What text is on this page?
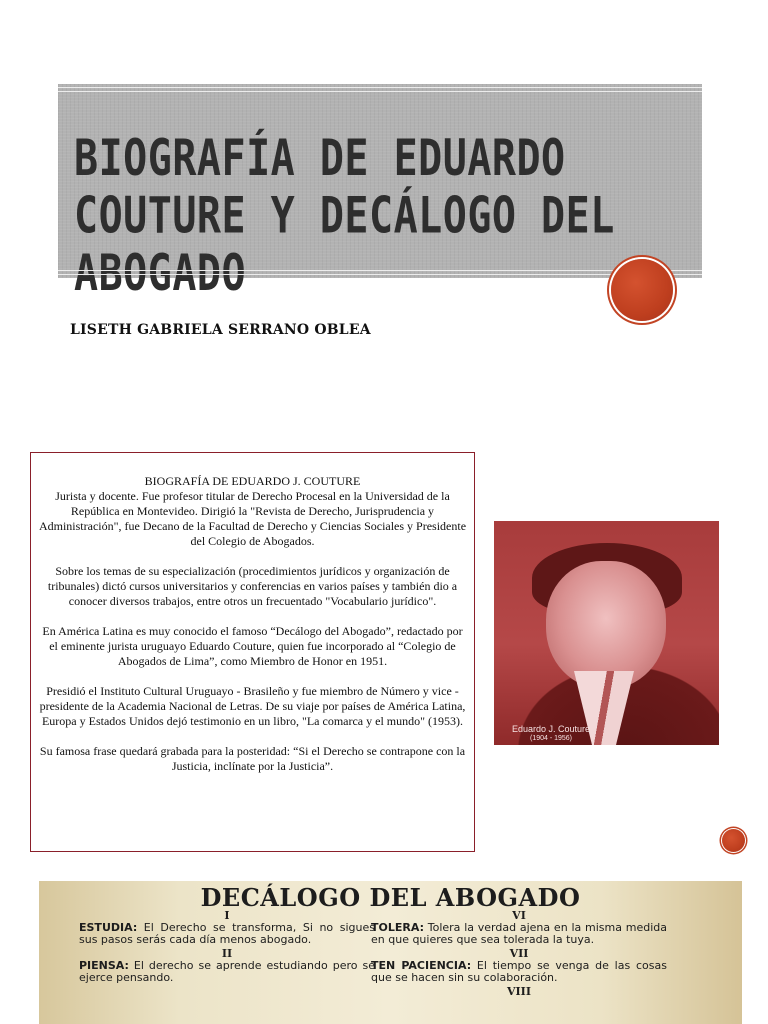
BIOGRAFÍA DE EDUARDO COUTURE Y DECÁLOGO DEL ABOGADO

LISETH GABRIELA SERRANO OBLEA

BIOGRAFÍA DE EDUARDO J. COUTURE

Jurista y docente. Fue profesor titular de Derecho Procesal en la Universidad de la República en Montevideo. Dirigió la "Revista de Derecho, Jurisprudencia y Administración", fue Decano de la Facultad de Derecho y Ciencias Sociales y Presidente del Colegio de Abogados.

Sobre los temas de su especialización (procedimientos jurídicos y organización de tribunales) dictó cursos universitarios y conferencias en varios países y también dio a conocer diversos trabajos, entre otros un frecuentado "Vocabulario jurídico".

En América Latina es muy conocido el famoso “Decálogo del Abogado”, redactado por el eminente jurista uruguayo Eduardo Couture, quien fue incorporado al “Colegio de Abogados de Lima”, como Miembro de Honor en 1951.

Presidió el Instituto Cultural Uruguayo - Brasileño y fue miembro de Número y vice - presidente de la Academia Nacional de Letras. De su viaje por países de América Latina, Europa y Estados Unidos dejó testimonio en un libro, "La comarca y el mundo" (1953).

Su famosa frase quedará grabada para la posteridad: “Si el Derecho se contrapone con la Justicia, inclínate por la Justicia”.

Eduardo J. Couture
(1904 - 1956)
DECÁLOGO DEL ABOGADO
I

ESTUDIA: El Derecho se transforma, Si no sigues sus pasos serás cada día menos abogado.

II

PIENSA: El derecho se aprende estudiando pero se ejerce pensando.

VI

TOLERA: Tolera la verdad ajena en la misma medida en que quieres que sea tolerada la tuya.

VII

TEN PACIENCIA: El tiempo se venga de las cosas que se hacen sin su colaboración.

VIII
